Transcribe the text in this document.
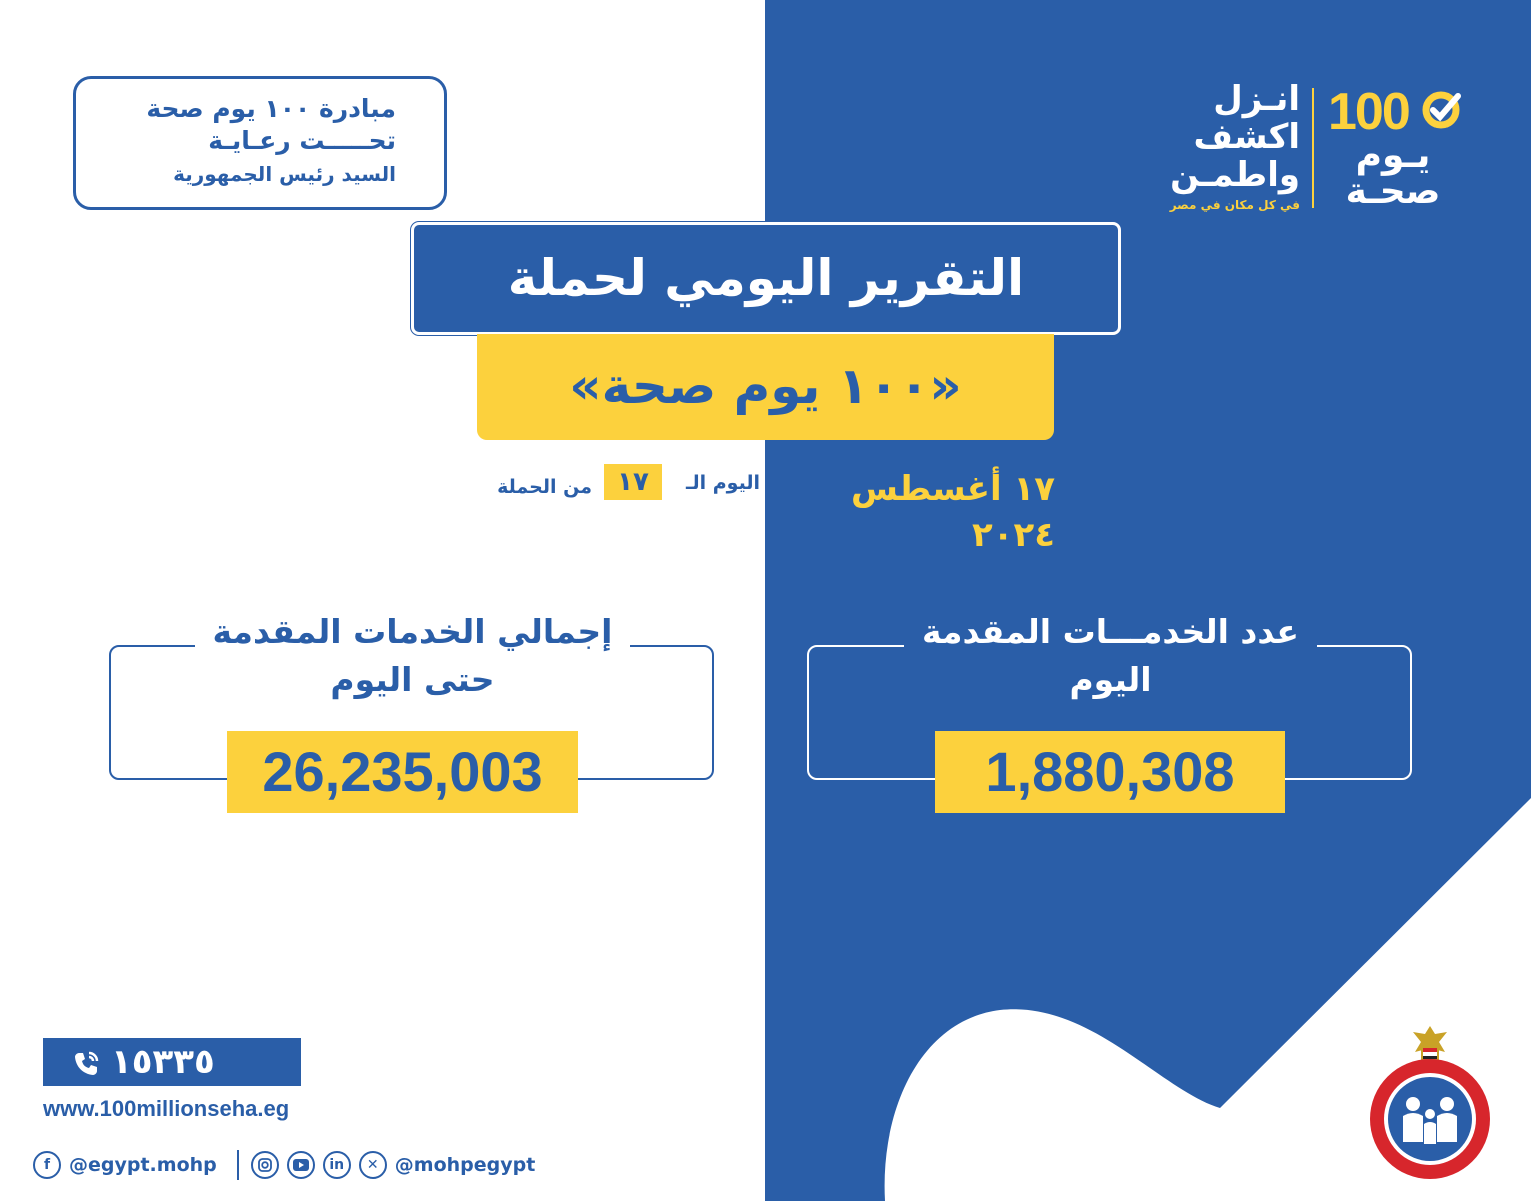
مبادرة ١٠٠ يوم صحة
تحـــــت رعـايـة
السيد رئيس الجمهورية
100
يـوم
صحـة
انـزل
اكشف
واطمـن
في كل مكان في مصر
التقرير اليومي لحملة
«١٠٠ يوم صحة»
١٧ أغسطس ٢٠٢٤
اليوم الـ
١٧
من الحملة
إجمالي الخدمات المقدمة
حتى اليوم
26,235,003
عدد الخدمـــات المقدمة
اليوم
1,880,308
١٥٣٣٥
www.100millionseha.eg
f @egypt.mohp	in	✕ @mohpegypt
